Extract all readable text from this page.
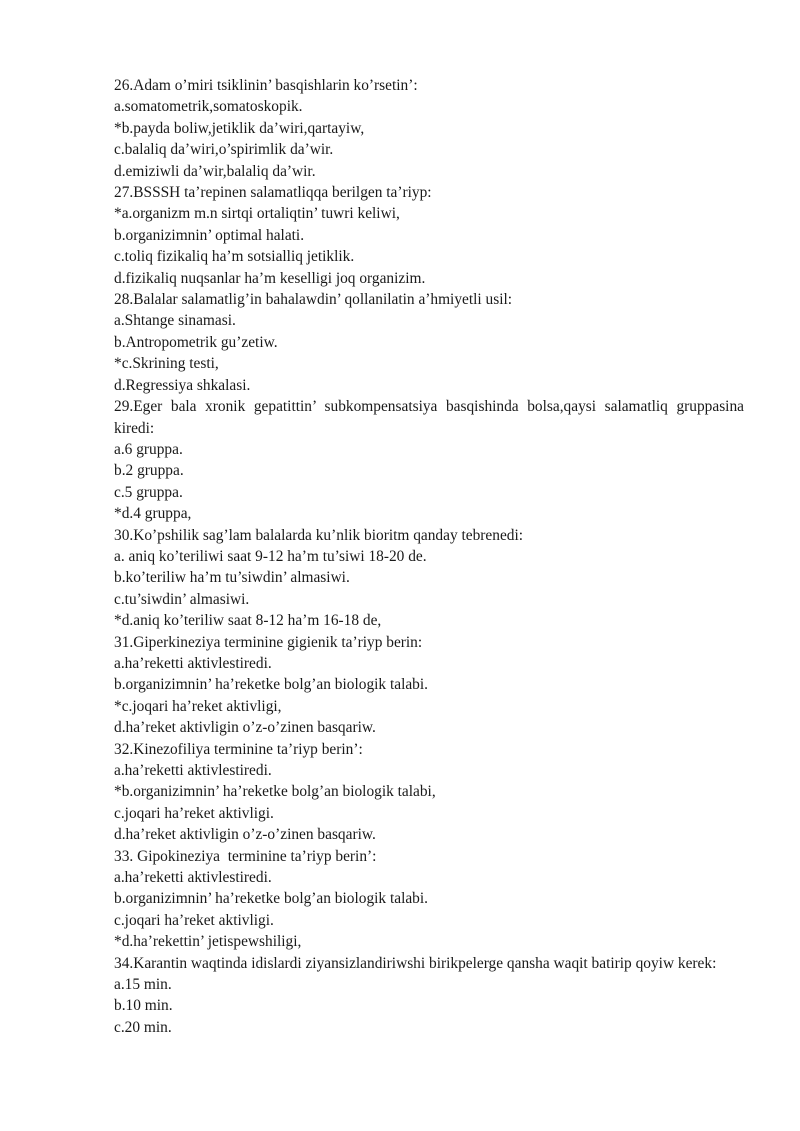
26.Adam o’miri tsiklinin’ basqishlarin ko’rsetin’:
a.somatometrik,somatoskopik.
*b.payda boliw,jetiklik da’wiri,qartayiw,
c.balaliq da’wiri,o’spirimlik da’wir.
d.emiziwli da’wir,balaliq da’wir.
27.BSSSH ta’repinen salamatliqqa berilgen ta’riyp:
*a.organizm m.n sirtqi ortaliqtin’ tuwri keliwi,
b.organizimnin’ optimal halati.
c.toliq fizikaliq ha’m sotsialliq jetiklik.
d.fizikaliq nuqsanlar ha’m keselligi joq organizim.
28.Balalar salamatlig’in bahalawdin’ qollanilatin a’hmiyetli usil:
a.Shtange sinamasi.
b.Antropometrik gu’zetiw.
*c.Skrining testi,
d.Regressiya shkalasi.
29.Eger bala xronik gepatittin’ subkompensatsiya basqishinda bolsa,qaysi salamatliq gruppasina kiredi:
a.6 gruppa.
b.2 gruppa.
c.5 gruppa.
*d.4 gruppa,
30.Ko’pshilik sag’lam balalarda ku’nlik bioritm qanday tebrenedi:
a. aniq ko’teriliwi saat 9-12 ha’m tu’siwi 18-20 de.
b.ko’teriliw ha’m tu’siwdin’ almasiwi.
c.tu’siwdin’ almasiwi.
*d.aniq ko’teriliw saat 8-12 ha’m 16-18 de,
31.Giperkineziya terminine gigienik ta’riyp berin:
a.ha’reketti aktivlestiredi.
b.organizimnin’ ha’reketke bolg’an biologik talabi.
*c.joqari ha’reket aktivligi,
d.ha’reket aktivligin o’z-o’zinen basqariw.
32.Kinezofiliya terminine ta’riyp berin’:
a.ha’reketti aktivlestiredi.
*b.organizimnin’ ha’reketke bolg’an biologik talabi,
c.joqari ha’reket aktivligi.
d.ha’reket aktivligin o’z-o’zinen basqariw.
33. Gipokineziya  terminine ta’riyp berin’:
a.ha’reketti aktivlestiredi.
b.organizimnin’ ha’reketke bolg’an biologik talabi.
c.joqari ha’reket aktivligi.
*d.ha’rekettin’ jetispewshiligi,
34.Karantin waqtinda idislardi ziyansizlandiriwshi birikpelerge qansha waqit batirip qoyiw kerek:
a.15 min.
b.10 min.
c.20 min.
